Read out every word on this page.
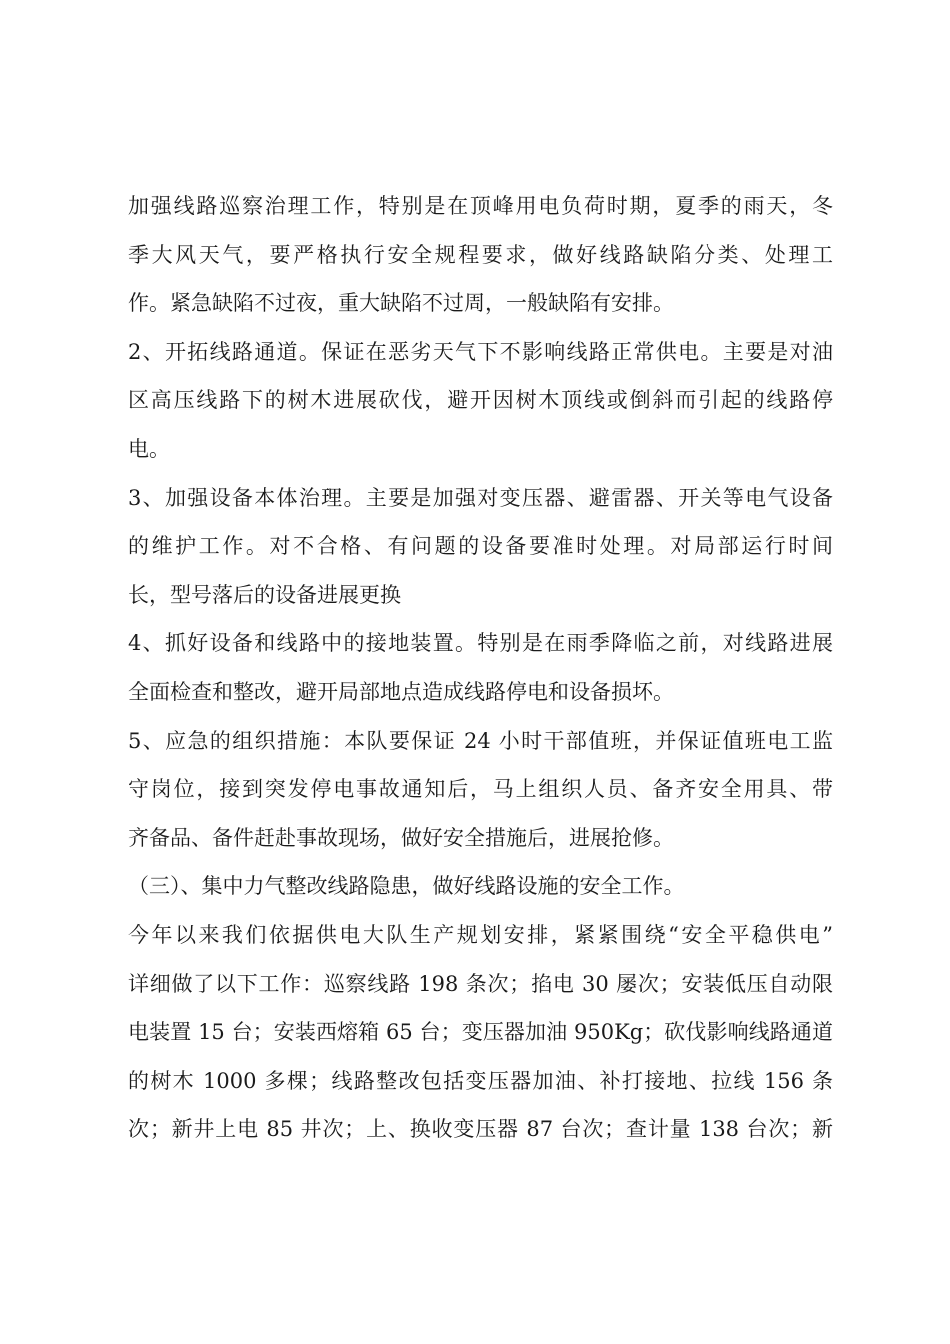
加强线路巡察治理工作，特别是在顶峰用电负荷时期，夏季的雨天，冬
季大风天气，要严格执行安全规程要求，做好线路缺陷分类、处理工
作。紧急缺陷不过夜，重大缺陷不过周，一般缺陷有安排。
2、开拓线路通道。保证在恶劣天气下不影响线路正常供电。主要是对油
区高压线路下的树木进展砍伐，避开因树木顶线或倒斜而引起的线路停
电。
3、加强设备本体治理。主要是加强对变压器、避雷器、开关等电气设备
的维护工作。对不合格、有问题的设备要准时处理。对局部运行时间
长，型号落后的设备进展更换
4、抓好设备和线路中的接地装置。特别是在雨季降临之前，对线路进展
全面检查和整改，避开局部地点造成线路停电和设备损坏。
5、应急的组织措施：本队要保证 24 小时干部值班，并保证值班电工监
守岗位，接到突发停电事故通知后，马上组织人员、备齐安全用具、带
齐备品、备件赶赴事故现场，做好安全措施后，进展抢修。
（三）、集中力气整改线路隐患，做好线路设施的安全工作。
今年以来我们依据供电大队生产规划安排，紧紧围绕“安全平稳供电”
详细做了以下工作：巡察线路 198 条次；掐电 30 屡次；安装低压自动限
电装置 15 台；安装西熔箱 65 台；变压器加油 950Kg；砍伐影响线路通道
的树木 1000 多棵；线路整改包括变压器加油、补打接地、拉线 156 条
次；新井上电 85 井次；上、换收变压器 87 台次；查计量 138 台次；新
